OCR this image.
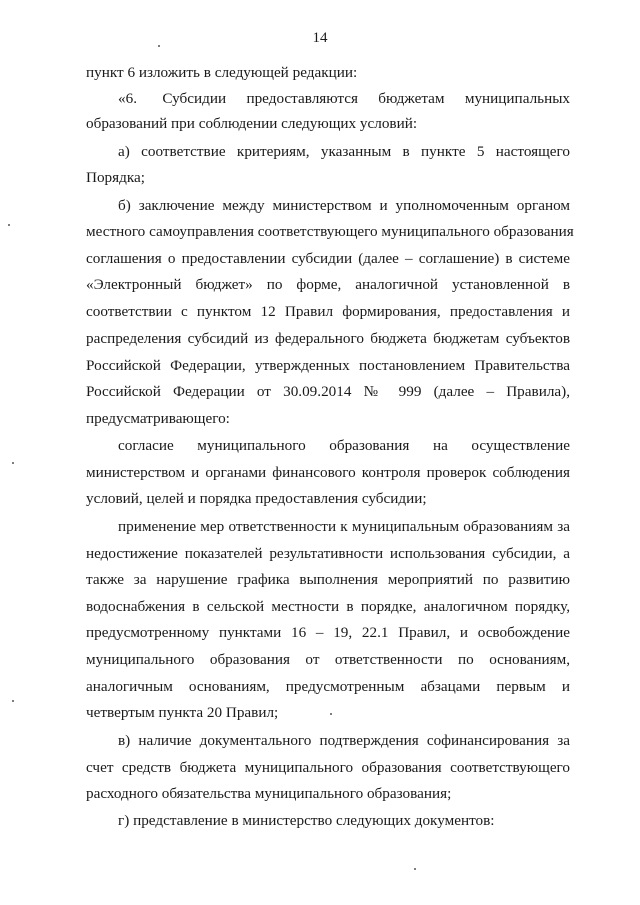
14
пункт 6 изложить в следующей редакции:
«6.     Субсидии    предоставляются    бюджетам    муниципальных
образований при соблюдении следующих условий:
а) соответствие критериям, указанным в пункте 5 настоящего
Порядка;
б) заключение между министерством и уполномоченным органом
местного самоуправления соответствующего муниципального образования
соглашения о предоставлении субсидии (далее – соглашение) в системе
«Электронный бюджет» по форме, аналогичной установленной в
соответствии с пунктом 12 Правил формирования, предоставления и
распределения субсидий из федерального бюджета бюджетам субъектов
Российской Федерации, утвержденных постановлением Правительства
Российской Федерации от 30.09.2014 № 999 (далее – Правила),
предусматривающего:
согласие муниципального образования на осуществление
министерством и органами финансового контроля проверок соблюдения
условий, целей и порядка предоставления субсидии;
применение мер ответственности к муниципальным образованиям за
недостижение показателей результативности использования субсидии, а
также за нарушение графика выполнения мероприятий по развитию
водоснабжения в сельской местности в порядке, аналогичном порядку,
предусмотренному пунктами 16 – 19, 22.1 Правил, и освобождение
муниципального образования от ответственности по основаниям,
аналогичным основаниям, предусмотренным абзацами первым и
четвертым пункта 20 Правил;
в) наличие документального подтверждения софинансирования за
счет средств бюджета муниципального образования соответствующего
расходного обязательства муниципального образования;
г) представление в министерство следующих документов:
